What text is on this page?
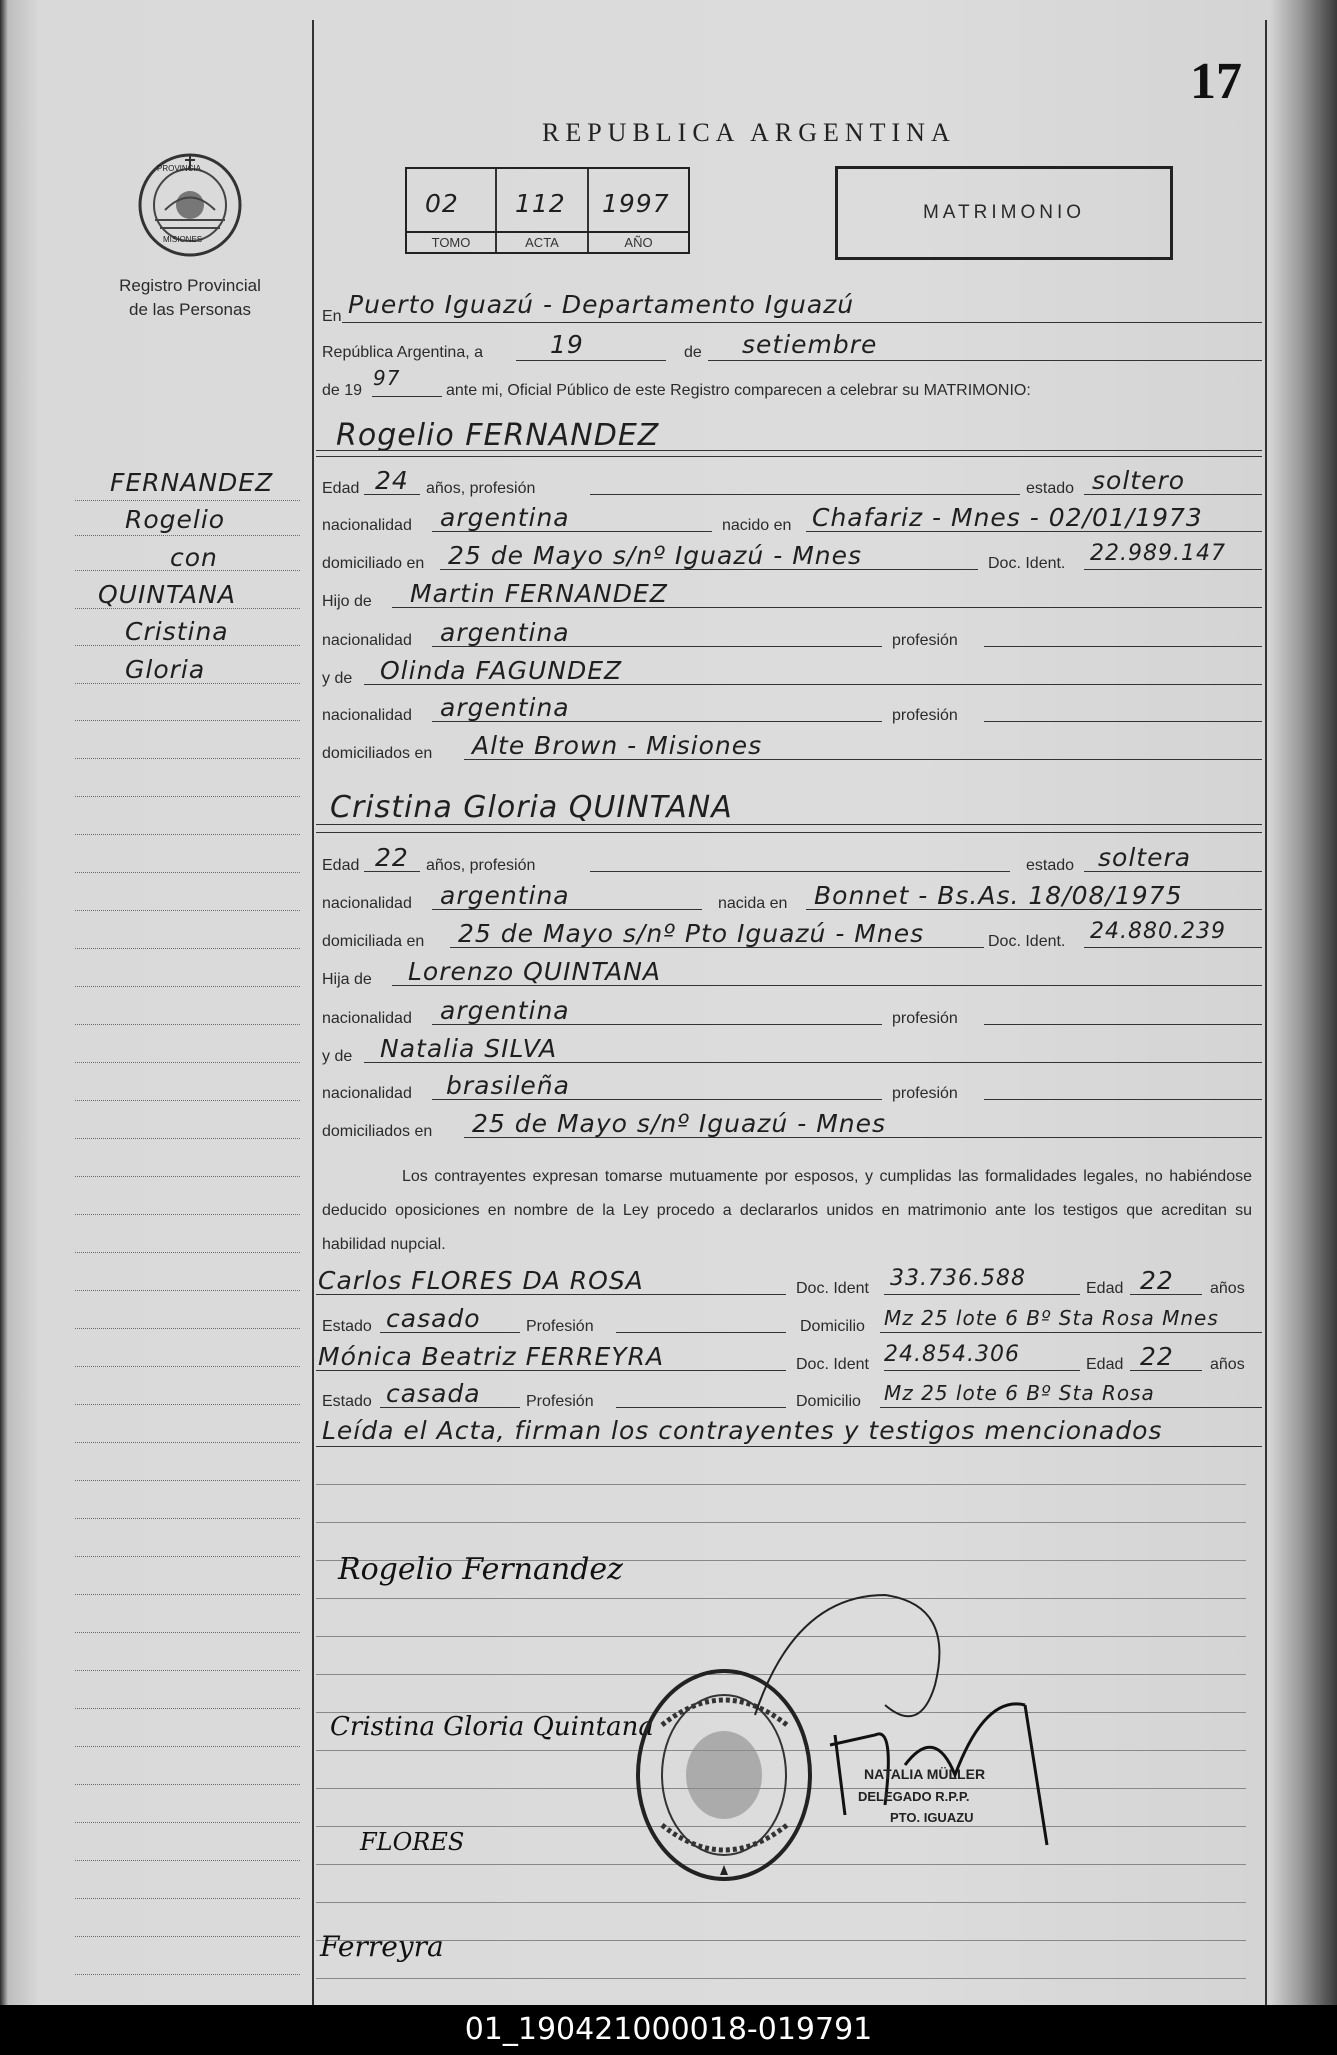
17
PROVINCIA
MISIONES
Registro Provincial
de las Personas
REPUBLICA ARGENTINA
02 112 1997
TOMO	ACTA	AÑO
MATRIMONIO
FERNANDEZ
Rogelio
con
QUINTANA
Cristina
Gloria
En Puerto Iguazú - Departamento Iguazú
República Argentina, a	19	de setiembre
de 19
97
ante mi, Oficial Público de este Registro comparecen a celebrar su MATRIMONIO:
Rogelio FERNANDEZ
Edad 24 años, profesión	estado soltero
nacionalidad argentina	nacido en Chafariz - Mnes - 02/01/1973
domiciliado en 25 de Mayo s/nº Iguazú - Mnes	Doc. Ident. 22.989.147
Hijo de Martin FERNANDEZ
nacionalidad argentina	profesión
y de Olinda FAGUNDEZ
nacionalidad argentina	profesión
domiciliados en Alte Brown - Misiones
Cristina Gloria QUINTANA
Edad 22 años, profesión	estado soltera
nacionalidad argentina	nacida en Bonnet - Bs.As. 18/08/1975
domiciliada en 25 de Mayo s/nº Pto Iguazú - Mnes	Doc. Ident. 24.880.239
Hija de Lorenzo QUINTANA
nacionalidad argentina	profesión
y de Natalia SILVA
nacionalidad brasileña	profesión
domiciliados en 25 de Mayo s/nº Iguazú - Mnes
Los contrayentes expresan tomarse mutuamente por esposos, y cumplidas las formalidades legales, no habiéndose deducido oposiciones en nombre de la Ley procedo a declararlos unidos en matrimonio ante los testigos que acreditan su habilidad nupcial.
Carlos FLORES DA ROSA	Doc. Ident 33.736.588	Edad 22 años
Estado casado	Profesión	Domicilio Mz 25 lote 6 Bº Sta Rosa Mnes
Mónica Beatriz FERREYRA	Doc. Ident 24.854.306	Edad 22 años
Estado casada	Profesión	Domicilio Mz 25 lote 6 Bº Sta Rosa
Leída el Acta, firman los contrayentes y testigos mencionados
Rogelio Fernandez
Cristina Gloria Quintana
FLORES
Ferreyra
NATALIA MÜLLER
DELEGADO R.P.P.
PTO. IGUAZU
01_190421000018-019791
